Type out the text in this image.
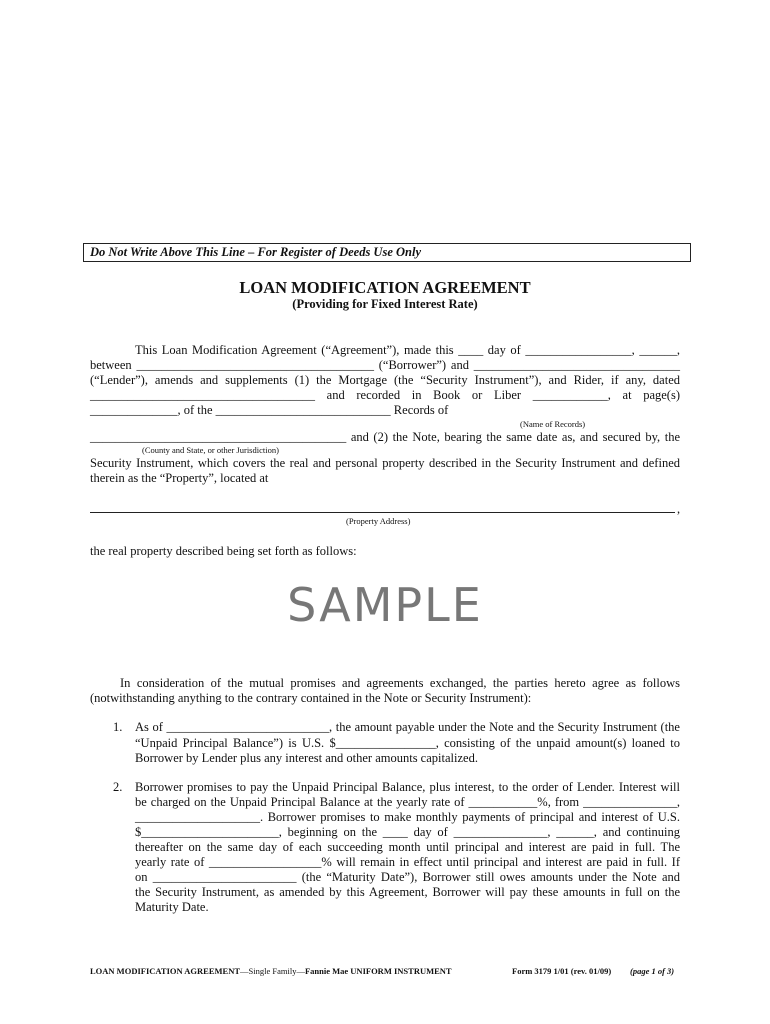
Do Not Write Above This Line – For Register of Deeds Use Only
LOAN MODIFICATION AGREEMENT
(Providing for Fixed Interest Rate)
This Loan Modification Agreement (“Agreement”), made this ____ day of _________________, ______,
between ______________________________________ (“Borrower”) and _________________________________
(“Lender”), amends and supplements (1) the Mortgage (the “Security Instrument”), and Rider, if any, dated
____________________________________ and recorded in Book or Liber ____________, at page(s)
______________, of the ____________________________ Records of
(Name of Records)
_________________________________________ and (2) the Note, bearing the same date as, and secured by, the
(County and State, or other Jurisdiction)
Security Instrument, which covers the real and personal property described in the Security Instrument and defined
therein as the “Property”, located at
,
(Property Address)
the real property described being set forth as follows:
SAMPLE
In consideration of the mutual promises and agreements exchanged, the parties hereto agree as follows
(notwithstanding anything to the contrary contained in the Note or Security Instrument):
1. As of __________________________, the amount payable under the Note and the Security Instrument (the
“Unpaid Principal Balance”) is U.S. $________________, consisting of the unpaid amount(s) loaned to
Borrower by Lender plus any interest and other amounts capitalized.
2. Borrower promises to pay the Unpaid Principal Balance, plus interest, to the order of Lender. Interest will
be charged on the Unpaid Principal Balance at the yearly rate of ___________%, from _______________,
____________________. Borrower promises to make monthly payments of principal and interest of U.S.
$______________________, beginning on the ____ day of _______________, ______, and continuing
thereafter on the same day of each succeeding month until principal and interest are paid in full. The
yearly rate of __________________% will remain in effect until principal and interest are paid in full. If
on _______________________ (the “Maturity Date”), Borrower still owes amounts under the Note and
the Security Instrument, as amended by this Agreement, Borrower will pay these amounts in full on the
Maturity Date.
LOAN MODIFICATION AGREEMENT—Single Family—Fannie Mae UNIFORM INSTRUMENT	Form 3179 1/01 (rev. 01/09) (page 1 of 3)
